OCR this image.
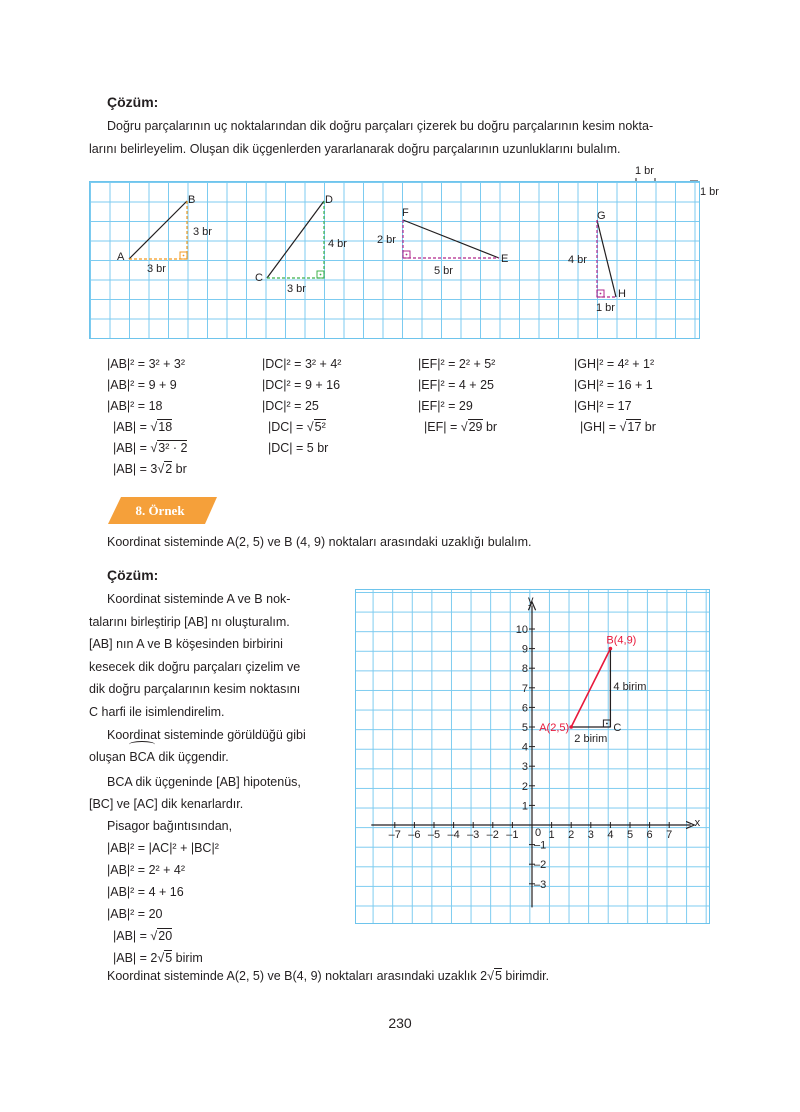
Çözüm:
Doğru parçalarının uç noktalarından dik doğru parçaları çizerek bu doğru parçalarının kesim nokta-
larını belirleyelim. Oluşan dik üçgenlerden yararlanarak doğru parçalarının uzunluklarını bulalım.
1 br
1 br
A
B
3 br
3 br
C
D
4 br
3 br
F
E
2 br
5 br
G
H
4 br
1 br
|AB|² = 3² + 3²
|AB|² = 9 + 9
|AB|² = 18
|AB| = √18
|AB| = √3² · 2
|AB| = 3√2 br
|DC|² = 3² + 4²
|DC|² = 9 + 16
|DC|² = 25
|DC| = √5²
|DC| = 5 br
|EF|² = 2² + 5²
|EF|² = 4 + 25
|EF|² = 29
|EF| = √29 br
|GH|² = 4² + 1²
|GH|² = 16 + 1
|GH|² = 17
|GH| = √17 br
8. Örnek
Koordinat sisteminde A(2, 5) ve B (4, 9) noktaları arasındaki uzaklığı bulalım.
Çözüm:
Koordinat sisteminde A ve B nok-
talarını birleştirip [AB] nı oluşturalım.
[AB] nın A ve B köşesinden birbirini
kesecek dik doğru parçaları çizelim ve
dik doğru parçalarının kesim noktasını
C harfi ile isimlendirelim.
Koordinat sisteminde görüldüğü gibi
oluşan
BCA dik üçgendir.
BCA dik üçgeninde [AB] hipotenüs,
[BC] ve [AC] dik kenarlardır.
Pisagor bağıntısından,
|AB|² = |AC|² + |BC|²
|AB|² = 2² + 4²
|AB|² = 4 + 16
|AB|² = 20
|AB| = √20
|AB| = 2√5 birim
Koordinat sisteminde A(2, 5) ve B(4, 9) noktaları arasındaki uzaklık 2√5 birimdir.
x
y
0
–7 –6 –5 –4 –3 –2 –1	1 2 3 4 5 6 7
10
9
8
7
6
5
4
3
2
1
–1
–2
–3
A(2,5)
B(4,9)
C
4 birim
2 birim
230
